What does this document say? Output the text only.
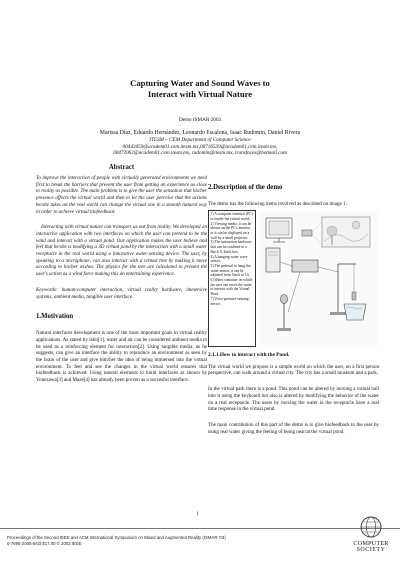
Capturing Water and Sound Waves to
Interact with Virtual Nature

Demo ISMAR 2003
Marissa Díaz, Eduardo Hernández, Leonardo Escalona, Isaac Rudomin, Daniel Rivera
ITESM – CEM Department of Computer Science
00443059@academ01.cem.itesm.mx,00716539@academ01.cem.itesm.mx,
00472062@academ01.cem.itesm.mx, rudomin@itesm.mx, transfaces@hotmail.com
Abstract

To improve the interaction of people with virtually generated environments we need first to break the barriers that prevent the user from getting an experience as close to reality as possible. The main problem is to give the user the sensation that his/her presence affects the virtual world and then to let the user perceive that the actions he/she takes on the real world can change the virtual one in a smooth natural way in order to achieve virtual biofeedback.

Interacting with virtual nature can transport us out from reality. We developed an interactive application with two interfaces on which the user can pretend to be the wind and interact with a virtual pond. Our application makes the user believe and feel that he/she is modifying a 3D virtual pond by the interaction with a small water receptacle in the real world using a innovative water-sensing device. The user, by speaking to a microphone, can also interact with a virtual tree by making it move according to his/her wishes. The physics for the tree are calculated to present the user's action as a wind force making this an entertaining experience.

Keywords: human-computer interaction, virtual reality hardware, immersive systems, ambient media, tangible user interface.

1.Motivation

Natural interfaces development is one of the most important goals in virtual reality applications. As stated by Ishii[1], water and air can be considered ambient media to be used as a reinforcing element for interaction[2]. Using tangible media, as he suggests, can give an interface the ability to reproduce an environment as seen by the brain of the user and give him/her the idea of being immersed into the virtual environment. To feel and see the changes in the virtual world ensures that biofeedback is achieved. Using natural elements to build interfaces as shown by Yonezawa[3] and Mazé[4] has already been proven as a succesful interface.

2.Description of the demo

The demo has the following items involved as described on image 1:

1) A computer terminal (PC) to render the virtual world.
2) Viewing media, it can be shown on the PC's monitor or it can be displayed on a wall by a small projector.
3) The interaction hardware that can be confined in a 8inch X 4inch box.
4) A hanging water wave sensor.
5) The pedestal to hang the water sensor; it can be adjusted from 5inch to 1ft.
6) Water container on which the user can move the water to interact with the Virtual Pond.
7) Voice-pressure-sensing device.
2.1.1.How to interact with the Pond.

The virtual world we propose is a simple world on which the user, on a first person perspective, can walk around a virtual city. The city has a small museum and a park.

In the virtual park there is a pond. This pond can be altered by moving a virtual ball into it using the keyboard but also is altered by modifying the behavior of the water on a real receptacle. The users by moving the water in the receptacle have a real time response in the virtual pond.

The main contribution of this part of the demo is to give biofeedback to the user by using real water giving the feeling of being near/at the virtual pond.

1
Proceedings of the Second IEEE and ACM International Symposium on Mixed and Augmented Reality (ISMAR '03)
0-7695-2006-5/03 $17.00 © 2003 IEEE	COMPUTER
SOCIETY
